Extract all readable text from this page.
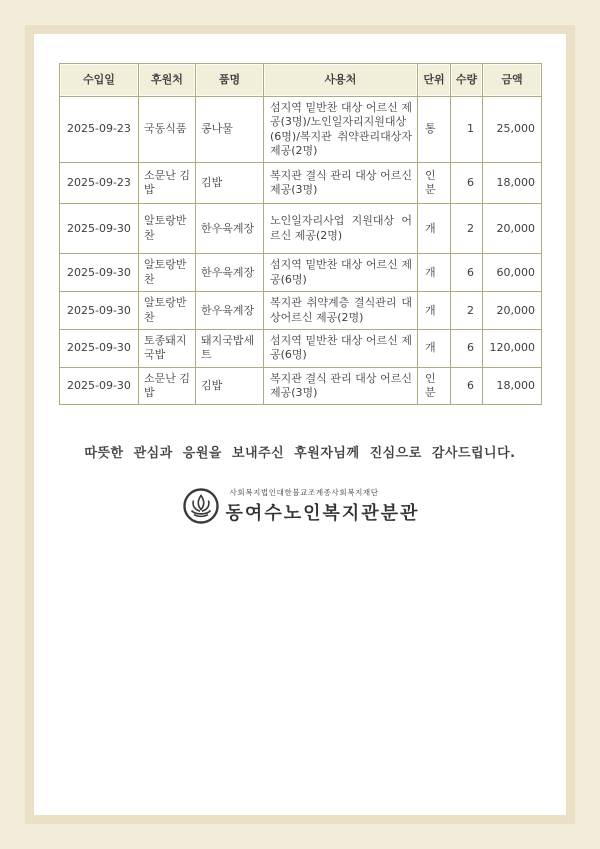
수입일	후원처	품명	사용처	단위	수량	금액
2025-09-23	국동식품	콩나물	섬지역 밑반찬 대상 어르신 제공(3명)/노인일자리지원대상(6명)/복지관 취약관리대상자제공(2명)	통	1	25,000
2025-09-23	소문난 김밥	김밥	복지관 결식 관리 대상 어르신 제공(3명)	인분	6	18,000
2025-09-30	알토랑반찬	한우육계장	노인일자리사업 지원대상 어르신 제공(2명)	개	2	20,000
2025-09-30	알토랑반찬	한우육계장	섬지역 밑반찬 대상 어르신 제공(6명)	개	6	60,000
2025-09-30	알토랑반찬	한우육계장	복지관 취약계층 결식관리 대상어르신 제공(2명)	개	2	20,000
2025-09-30	토종돼지국밥	돼지국밥세트	섬지역 밑반찬 대상 어르신 제공(6명)	개	6	120,000
2025-09-30	소문난 김밥	김밥	복지관 결식 관리 대상 어르신 제공(3명)	인분	6	18,000
따뜻한 관심과 응원을 보내주신 후원자님께 진심으로 감사드립니다.
사회복지법인대한불교조계종사회복지재단
동여수노인복지관분관
